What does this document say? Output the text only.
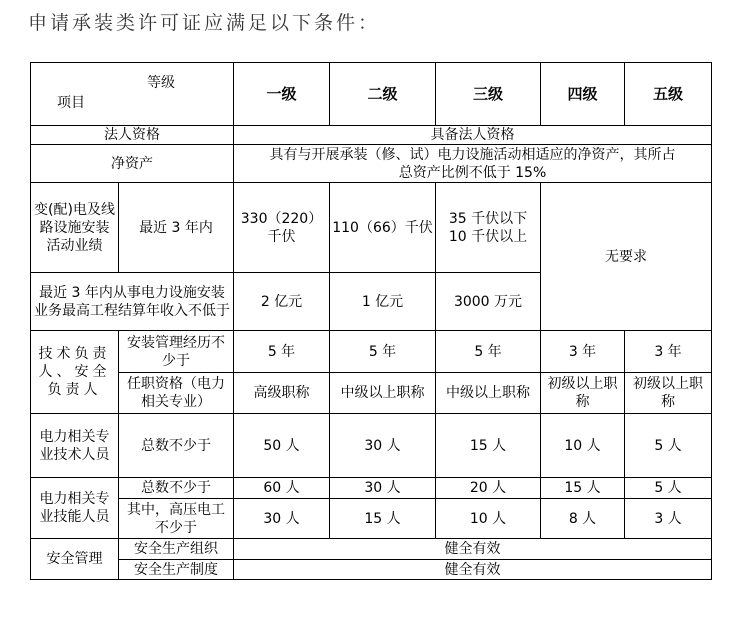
申请承装类许可证应满足以下条件：
等级
项目		一级	二级	三级	四级	五级
法人资格		具备法人资格				
净资产		具有与开展承装（修、试）电力设施活动相适应的净资产，其所占
总资产比例不低于 15%				

变(配)电及线路设施安装活动业绩	最近 3 年内	330（220）千伏	110（66）千伏	35 千伏以下 10 千伏以上	无要求	
最近 3 年内从事电力设施安装业务最高工程结算年收入不低于		2 亿元	1 亿元	3000 万元		
技术负责人、安全负责人	安装管理经历不少于	5 年	5 年	5 年	3 年	3 年
	任职资格（电力相关专业）	高级职称	中级以上职称	中级以上职称	初级以上职称	初级以上职称
电力相关专业技术人员	总数不少于	50 人	30 人	15 人	10 人	5 人
电力相关专业技能人员	总数不少于	60 人	30 人	20 人	15 人	5 人
	其中，高压电工不少于	30 人	15 人	10 人	8 人	3 人
安全管理	安全生产组织	健全有效				
	安全生产制度	健全有效				
